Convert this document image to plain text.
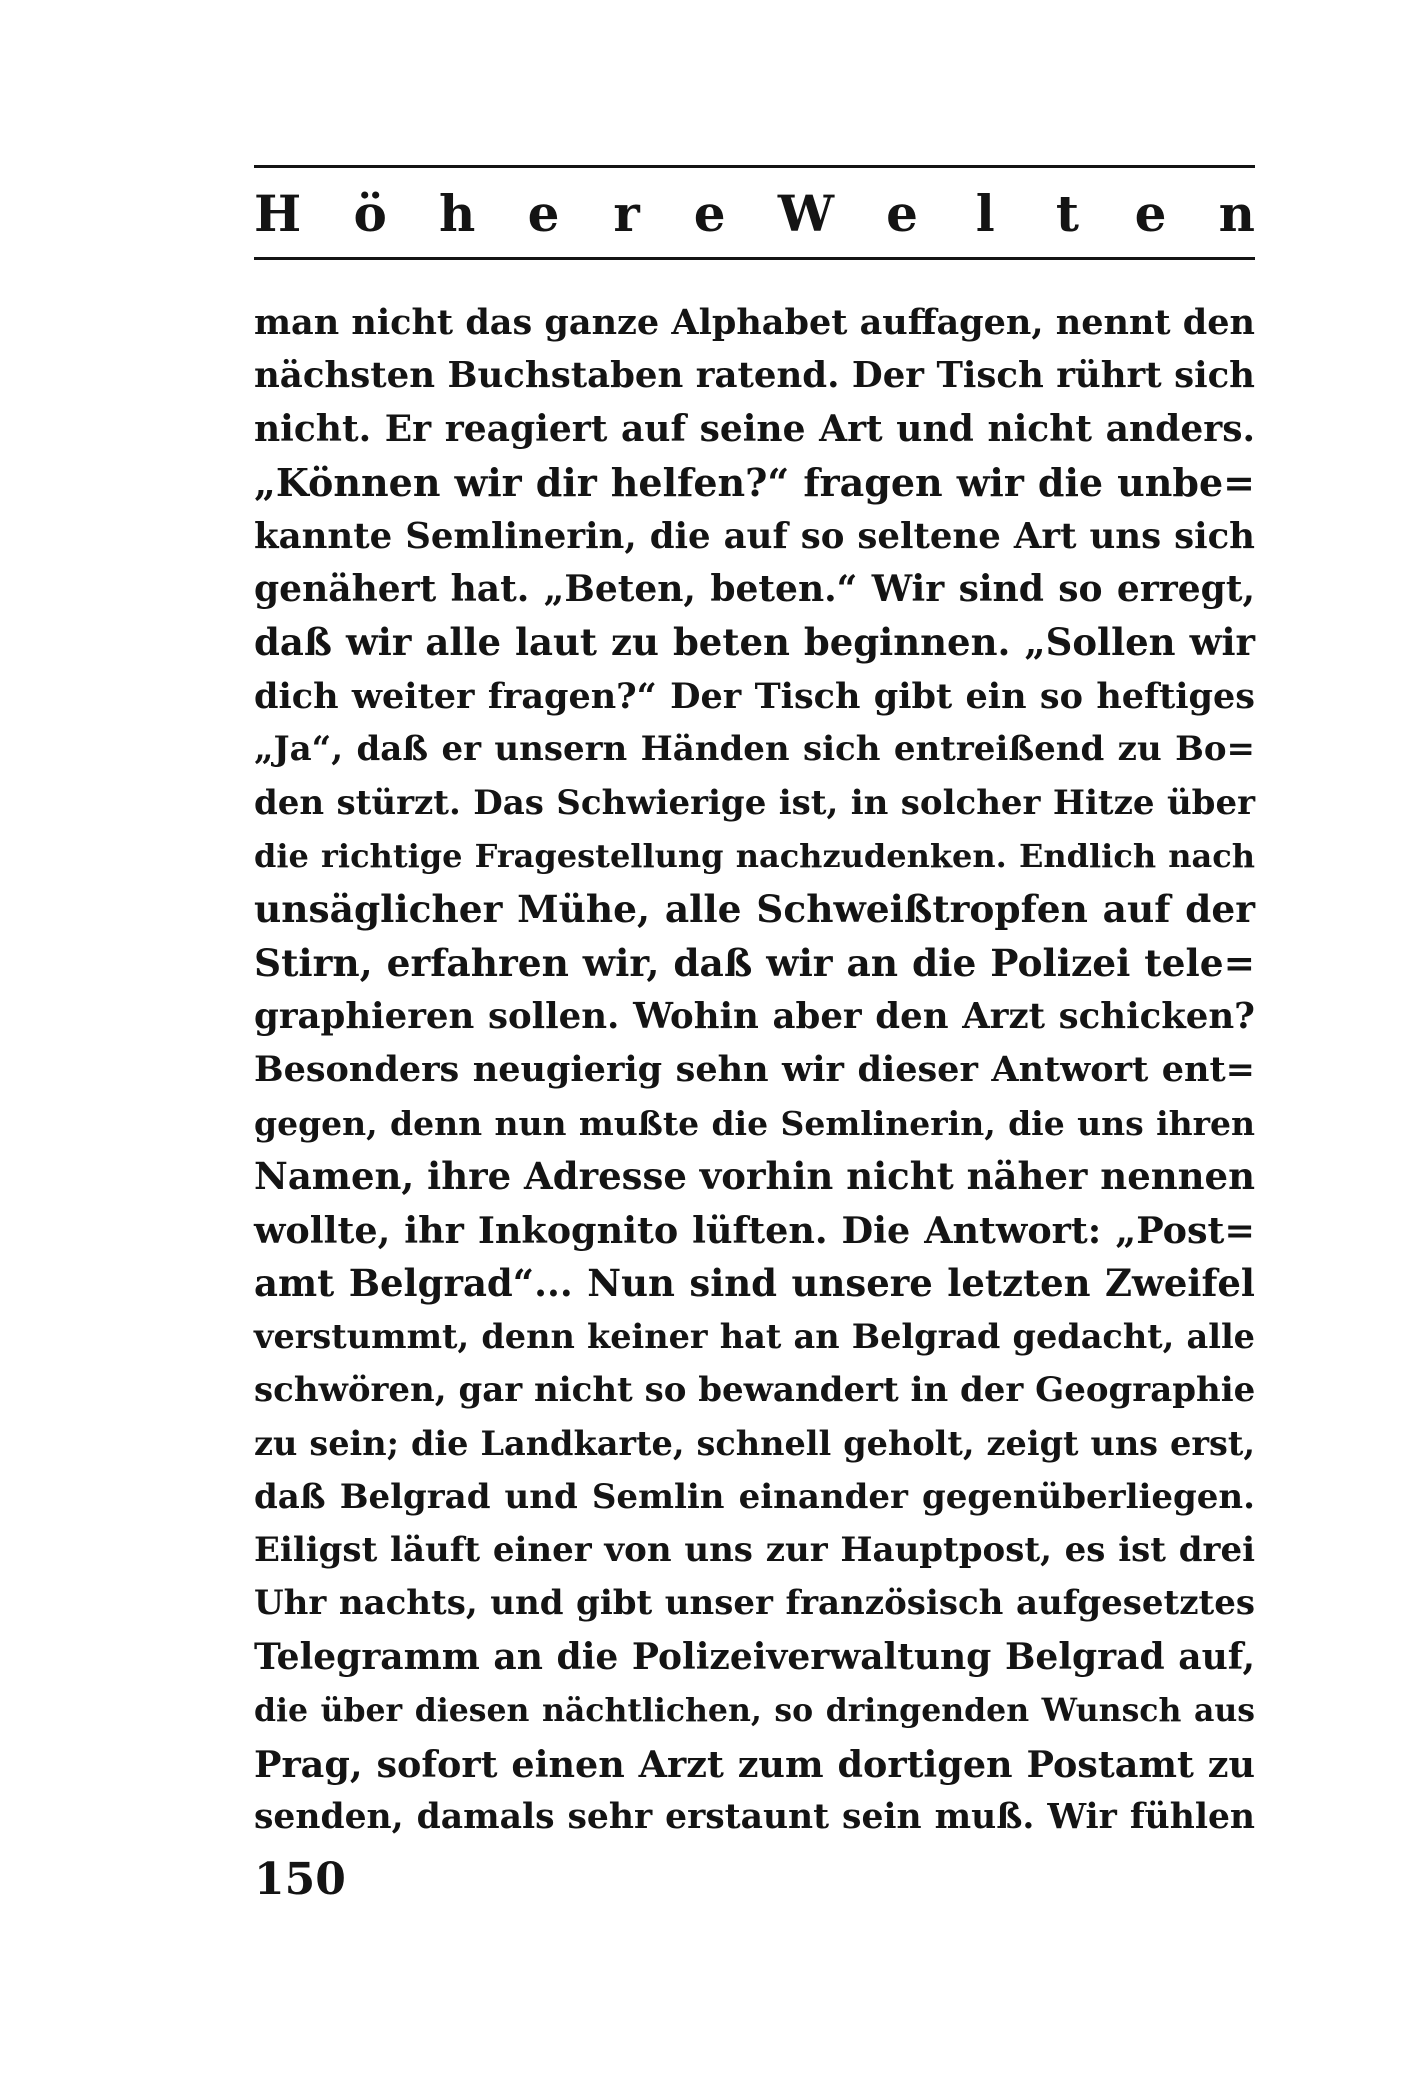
H ö h e r e W e l t e n
man nicht das ganze Alphabet auffagen, nennt den
nächsten Buchstaben ratend. Der Tisch rührt sich
nicht. Er reagiert auf seine Art und nicht anders.
„Können wir dir helfen?“ fragen wir die unbe=
kannte Semlinerin, die auf so seltene Art uns sich
genähert hat. „Beten, beten.“ Wir sind so erregt,
daß wir alle laut zu beten beginnen. „Sollen wir
dich weiter fragen?“ Der Tisch gibt ein so heftiges
„Ja“, daß er unsern Händen sich entreißend zu Bo=
den stürzt. Das Schwierige ist, in solcher Hitze über
die richtige Fragestellung nachzudenken. Endlich nach
unsäglicher Mühe, alle Schweißtropfen auf der
Stirn, erfahren wir, daß wir an die Polizei tele=
graphieren sollen. Wohin aber den Arzt schicken?
Besonders neugierig sehn wir dieser Antwort ent=
gegen, denn nun mußte die Semlinerin, die uns ihren
Namen, ihre Adresse vorhin nicht näher nennen
wollte, ihr Inkognito lüften. Die Antwort: „Post=
amt Belgrad“... Nun sind unsere letzten Zweifel
verstummt, denn keiner hat an Belgrad gedacht, alle
schwören, gar nicht so bewandert in der Geographie
zu sein; die Landkarte, schnell geholt, zeigt uns erst,
daß Belgrad und Semlin einander gegenüberliegen.
Eiligst läuft einer von uns zur Hauptpost, es ist drei
Uhr nachts, und gibt unser französisch aufgesetztes
Telegramm an die Polizeiverwaltung Belgrad auf,
die über diesen nächtlichen, so dringenden Wunsch aus
Prag, sofort einen Arzt zum dortigen Postamt zu
senden, damals sehr erstaunt sein muß. Wir fühlen
150
